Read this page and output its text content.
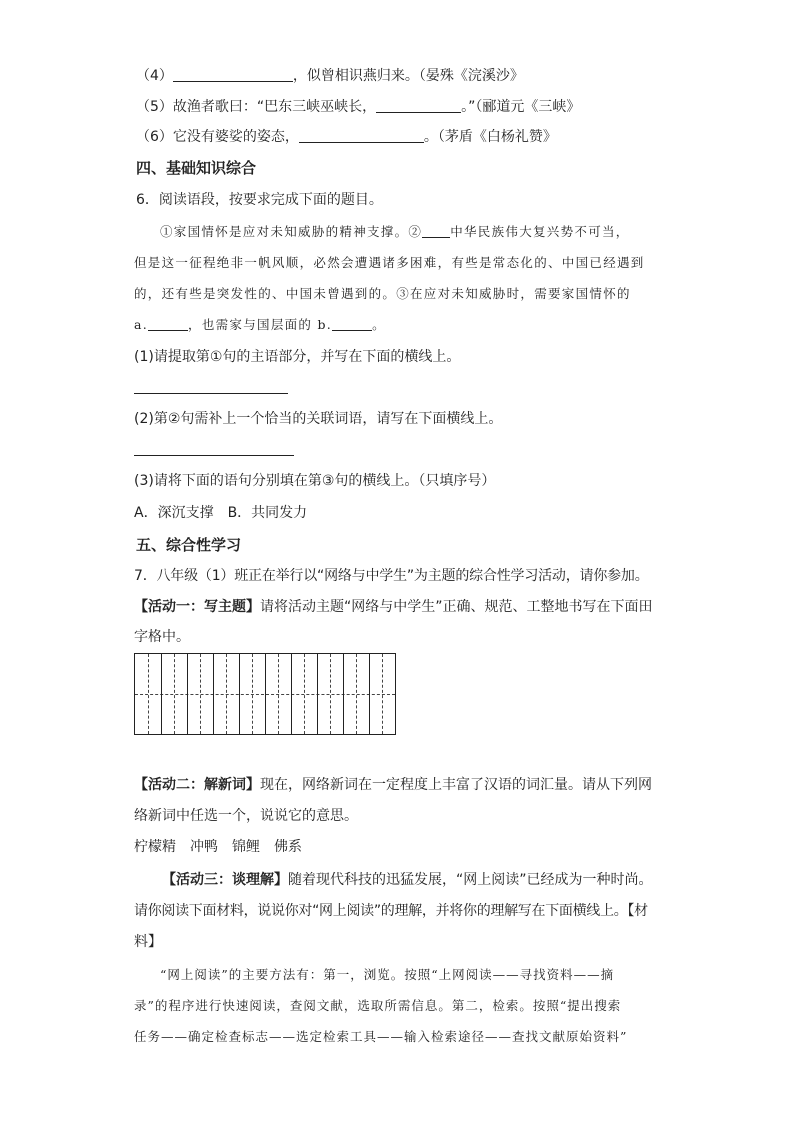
（4）	，似曾相识燕归来。（晏殊《浣溪沙》
（5）故渔者歌曰：“巴东三峡巫峡长，	。”（郦道元《三峡》
（6）它没有婆娑的姿态，	。（茅盾《白杨礼赞》
四、基础知识综合
6．阅读语段，按要求完成下面的题目。
①家国情怀是应对未知威胁的精神支撑。② 中华民族伟大复兴势不可当，
但是这一征程绝非一帆风顺，必然会遭遇诸多困难，有些是常态化的、中国已经遇到
的，还有些是突发性的、中国未曾遇到的。③在应对未知威胁时，需要家国情怀的
a.	，也需家与国层面的 b.	。
(1)请提取第①句的主语部分，并写在下面的横线上。
(2)第②句需补上一个恰当的关联词语，请写在下面横线上。
(3)请将下面的语句分别填在第③句的横线上。（只填序号）
A．深沉支撑　B．共同发力
五、综合性学习
7．八年级（1）班正在举行以“网络与中学生”为主题的综合性学习活动，请你参加。
【活动一：写主题】请将活动主题“网络与中学生”正确、规范、工整地书写在下面田
字格中。
【活动二：解新词】现在，网络新词在一定程度上丰富了汉语的词汇量。请从下列网
络新词中任选一个，说说它的意思。
柠檬精　冲鸭　锦鲤　佛系
【活动三：谈理解】随着现代科技的迅猛发展，“网上阅读”已经成为一种时尚。
请你阅读下面材料，说说你对“网上阅读”的理解，并将你的理解写在下面横线上。【材
料】
“网上阅读”的主要方法有：第一，浏览。按照“上网阅读——寻找资料——摘
录”的程序进行快速阅读，查阅文献，选取所需信息。第二，检索。按照“提出搜索
任务——确定检查标志——选定检索工具——输入检索途径——查找文献原始资料”
